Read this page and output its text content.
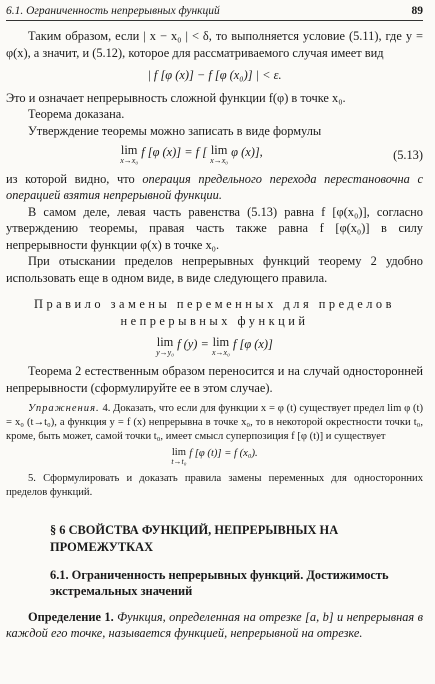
6.1. Ограниченность непрерывных функций	89

Таким образом, если | x − x₀ | < δ, то выполняется условие (5.11), где y = φ(x), а значит, и (5.12), которое для рассматриваемого случая имеет вид

| f [φ (x)] − f [φ (x₀)] | < ε.

Это и означает непрерывность сложной функции f(φ) в точке x₀.

Теорема доказана.

Утверждение теоремы можно записать в виде формулы

lim
x→x₀
f [φ (x)] = f [ lim
x→x₀
φ (x)],	(5.13)

из которой видно, что операция предельного перехода перестановочна с операцией взятия непрерывной функции.

В самом деле, левая часть равенства (5.13) равна f [φ(x₀)], согласно утверждению теоремы, правая часть также равна f [φ(x₀)] в силу непрерывности функции φ(x) в точке x₀.

При отыскании пределов непрерывных функций теорему 2 удобно использовать еще в одном виде, в виде следующего правила.

Правило замены переменных для пределов непрерывных функций
lim
y→y₀
f (y) = lim
x→x₀
f [φ (x)]

Теорема 2 естественным образом переносится и на случай односторонней непрерывности (сформулируйте ее в этом случае).

Упражнения. 4. Доказать, что если для функции x = φ (t) существует предел lim φ (t) = x₀ (t→t₀), а функция y = f (x) непрерывна в точке x₀, то в некоторой окрестности точки t₀, кроме, быть может, самой точки t₀, имеет смысл суперпозиция f [φ (t)] и существует

lim
t→t₀
f [φ (t)] = f (x₀).

5. Сформулировать и доказать правила замены переменных для односторонних пределов функций.

§ 6 СВОЙСТВА ФУНКЦИЙ, НЕПРЕРЫВНЫХ НА ПРОМЕЖУТКАХ
6.1. Ограниченность непрерывных функций. Достижимость экстремальных значений

Определение 1. Функция, определенная на отрезке [a, b] и непрерывная в каждой его точке, называется функцией, непрерывной на отрезке.
